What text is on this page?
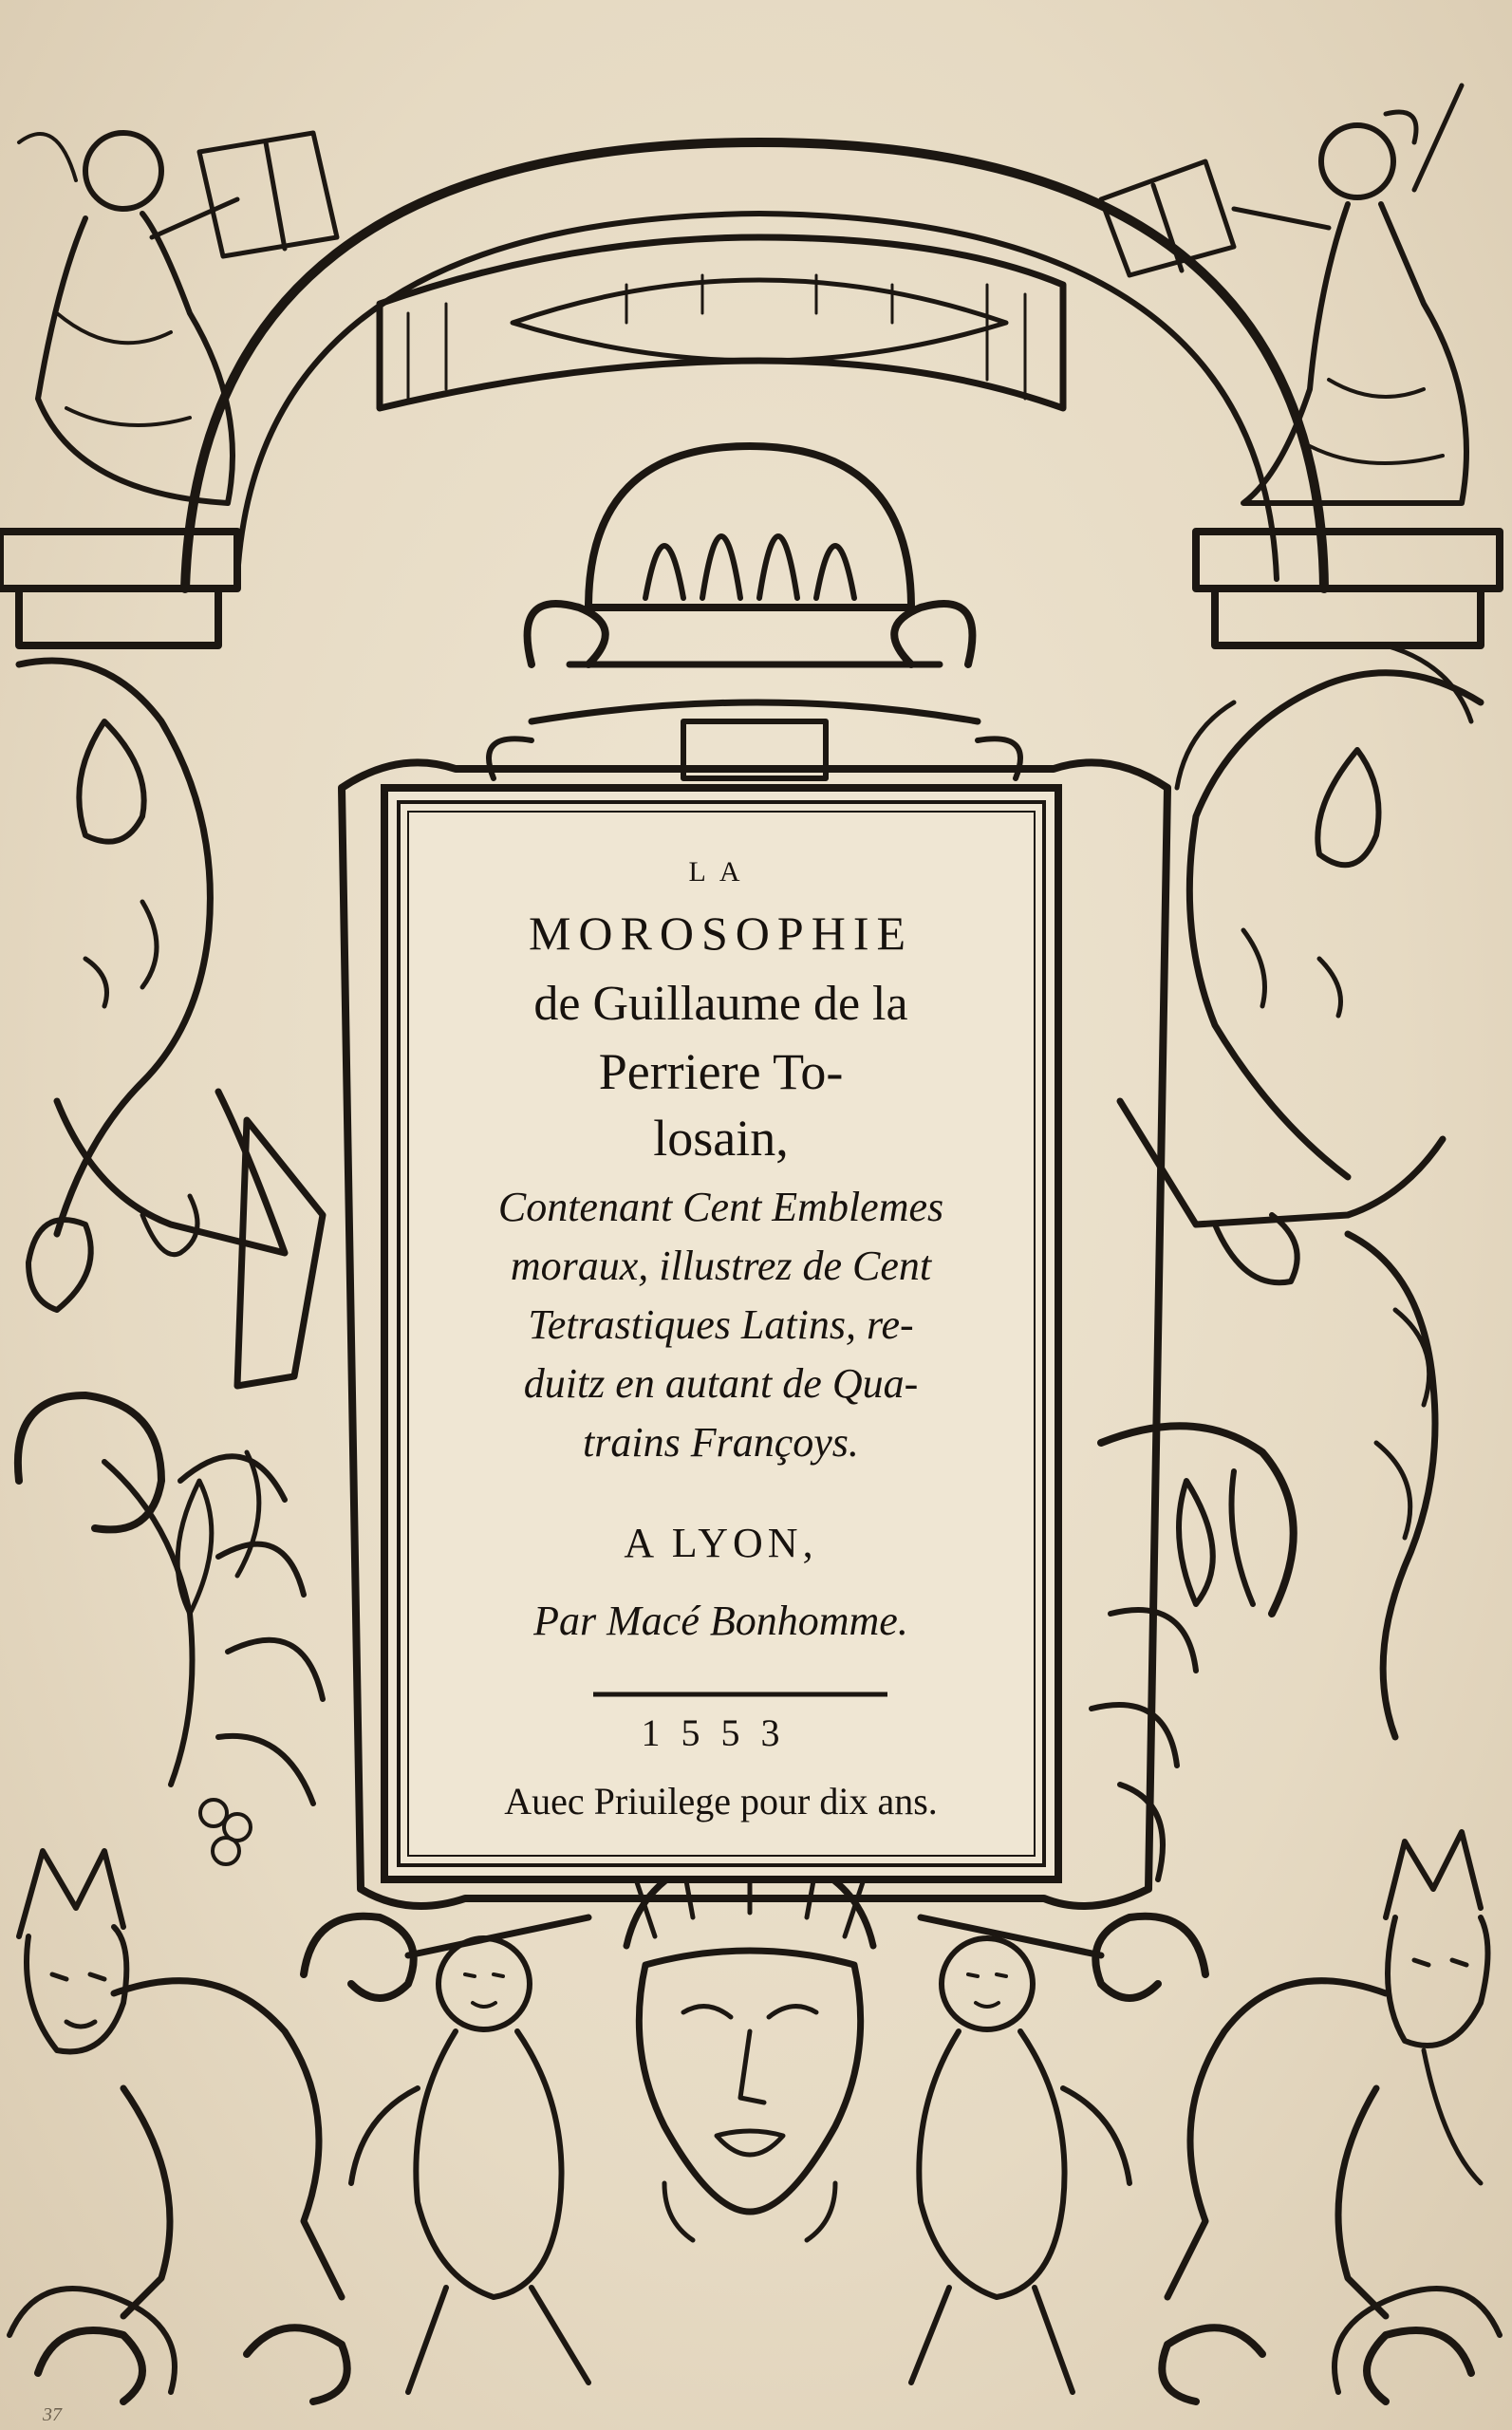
37
LA
MOROSOPHIE
de Guillaume de la
Perriere To-
losain,
Contenant Cent Emblemes
moraux, illustrez de Cent
Tetrastiques Latins, re-
duitz en autant de Qua-
trains Françoys.
A LYON,
Par Macé Bonhomme.
1553
Auec Priuilege pour dix ans.
